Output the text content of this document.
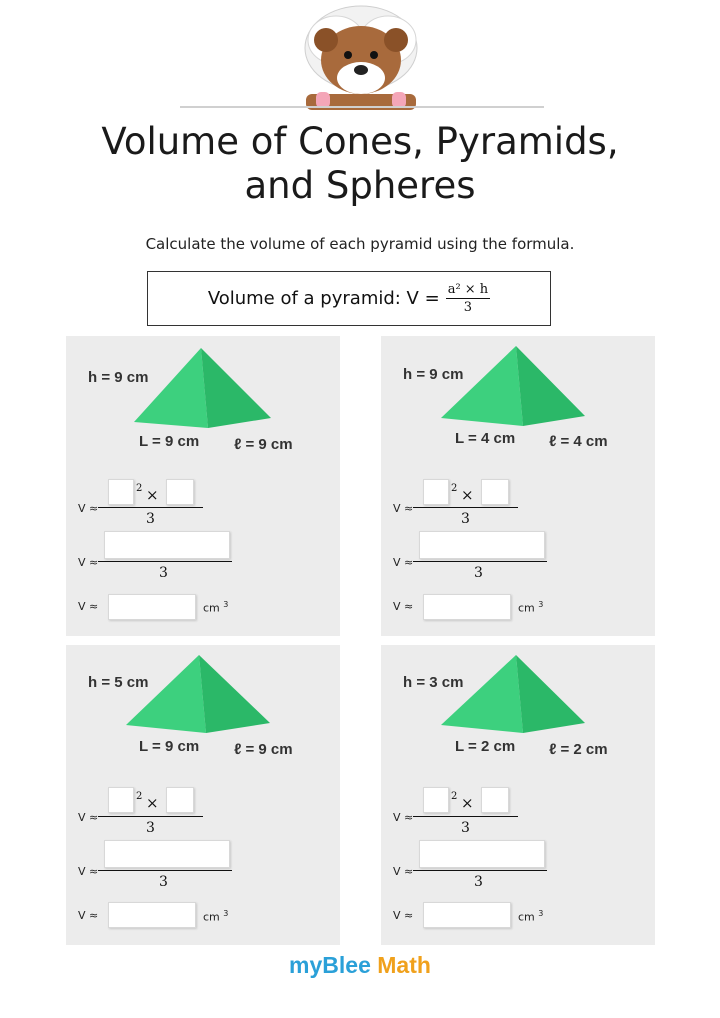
Volume of Cones, Pyramids,
and Spheres
Calculate the volume of each pyramid using the formula.
Volume of a pyramid: $V = \frac{\text{a² × h}}{3}$
h = 9 cm
L = 9 cm ℓ = 9 cm
2 ×
V ≈
3
V ≈
3
V ≈	cm $^3$
h = 9 cm
L = 4 cm ℓ = 4 cm
2 ×
V ≈
3
V ≈
3
V ≈	cm $^3$
h = 5 cm
L = 9 cm ℓ = 9 cm
2 ×
V ≈
3
V ≈
3
V ≈	cm $^3$
h = 3 cm
L = 2 cm ℓ = 2 cm
2 ×
V ≈
3
V ≈
3
V ≈	cm $^3$
myBlee Math
